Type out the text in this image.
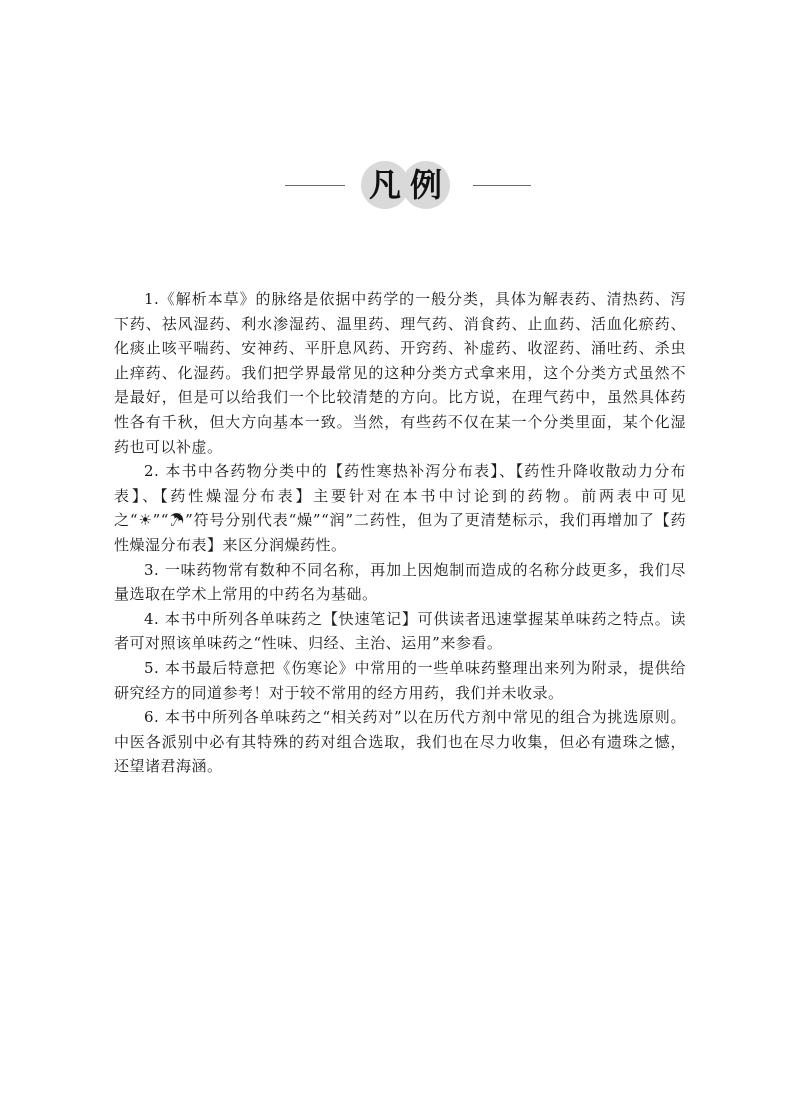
凡 例

1.《解析本草》的脉络是依据中药学的一般分类，具体为解表药、清热药、泻下药、祛风湿药、利水渗湿药、温里药、理气药、消食药、止血药、活血化瘀药、化痰止咳平喘药、安神药、平肝息风药、开窍药、补虚药、收涩药、涌吐药、杀虫止痒药、化湿药。我们把学界最常见的这种分类方式拿来用，这个分类方式虽然不是最好，但是可以给我们一个比较清楚的方向。比方说，在理气药中，虽然具体药性各有千秋，但大方向基本一致。当然，有些药不仅在某一个分类里面，某个化湿药也可以补虚。

2. 本书中各药物分类中的【药性寒热补泻分布表】、【药性升降收散动力分布表】、【药性燥湿分布表】主要针对在本书中讨论到的药物。前两表中可见之“☀”“☂”符号分别代表“燥”“润”二药性，但为了更清楚标示，我们再增加了【药性燥湿分布表】来区分润燥药性。

3. 一味药物常有数种不同名称，再加上因炮制而造成的名称分歧更多，我们尽量选取在学术上常用的中药名为基础。

4. 本书中所列各单味药之【快速笔记】可供读者迅速掌握某单味药之特点。读者可对照该单味药之“性味、归经、主治、运用”来参看。

5. 本书最后特意把《伤寒论》中常用的一些单味药整理出来列为附录，提供给研究经方的同道参考！对于较不常用的经方用药，我们并未收录。

6. 本书中所列各单味药之“相关药对”以在历代方剂中常见的组合为挑选原则。中医各派别中必有其特殊的药对组合选取，我们也在尽力收集，但必有遗珠之憾，还望诸君海涵。
